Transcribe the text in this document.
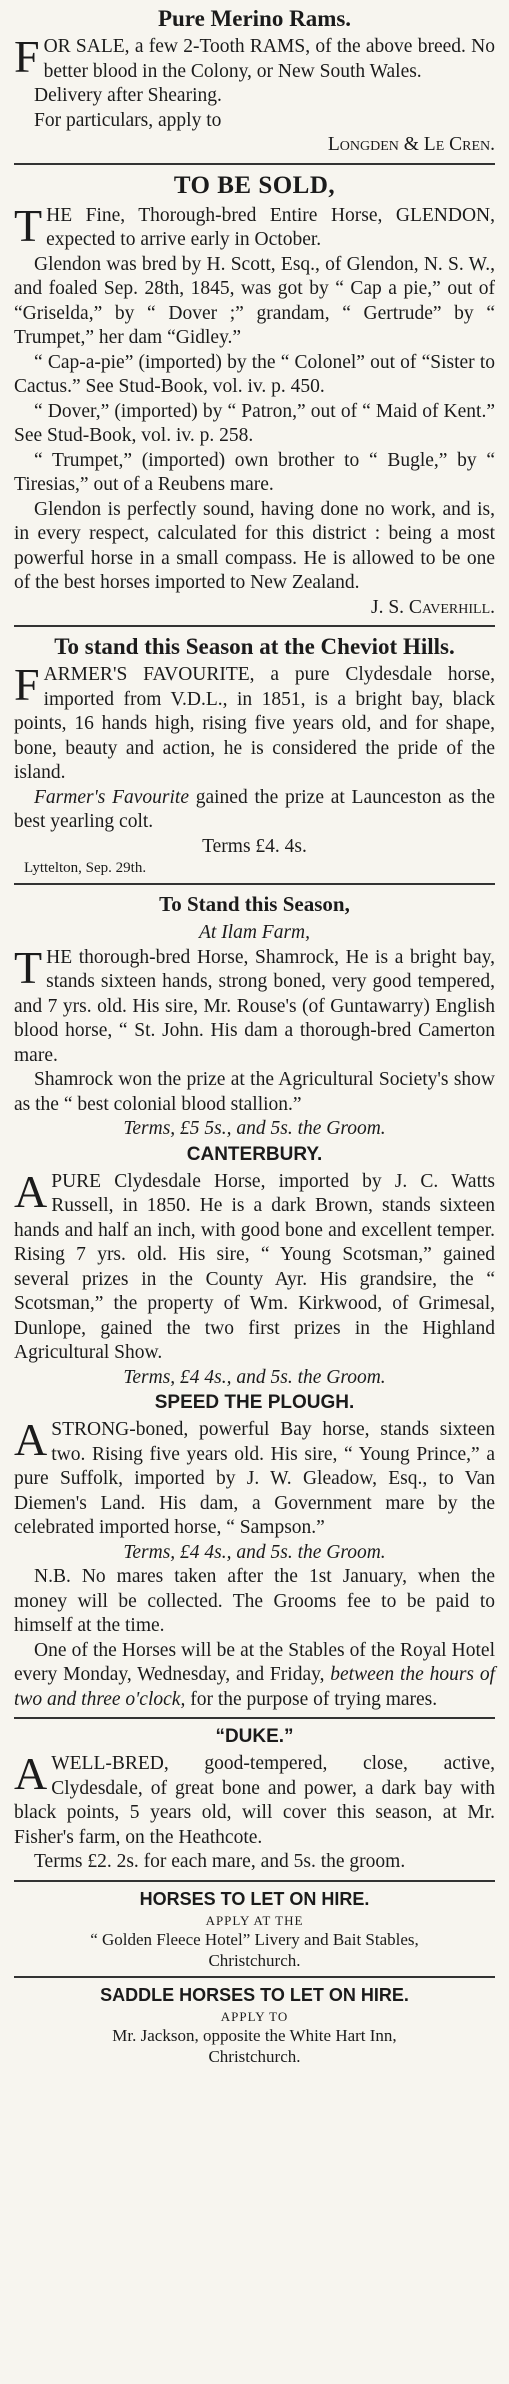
Pure Merino Rams.

FOR SALE, a few 2-Tooth RAMS, of the above breed. No better blood in the Colony, or New South Wales.

Delivery after Shearing.

For particulars, apply to

Longden & Le Cren.

TO BE SOLD,

THE Fine, Thorough-bred Entire Horse, GLENDON, expected to arrive early in October.

Glendon was bred by H. Scott, Esq., of Glendon, N. S. W., and foaled Sep. 28th, 1845, was got by “ Cap a pie,” out of “Griselda,” by “ Dover ;” grandam, “ Gertrude” by “ Trumpet,” her dam “Gidley.”

“ Cap-a-pie” (imported) by the “ Colonel” out of “Sister to Cactus.” See Stud-Book, vol. iv. p. 450.

“ Dover,” (imported) by “ Patron,” out of “ Maid of Kent.” See Stud-Book, vol. iv. p. 258.

“ Trumpet,” (imported) own brother to “ Bugle,” by “ Tiresias,” out of a Reubens mare.

Glendon is perfectly sound, having done no work, and is, in every respect, calculated for this district : being a most powerful horse in a small compass. He is allowed to be one of the best horses imported to New Zealand.

J. S. Caverhill.

To stand this Season at the Cheviot Hills.

FARMER'S FAVOURITE, a pure Clydesdale horse, imported from V.D.L., in 1851, is a bright bay, black points, 16 hands high, rising five years old, and for shape, bone, beauty and action, he is considered the pride of the island.

Farmer's Favourite gained the prize at Launceston as the best yearling colt.

Terms £4. 4s.

Lyttelton, Sep. 29th.

To Stand this Season,
At Ilam Farm,

THE thorough-bred Horse, Shamrock, He is a bright bay, stands sixteen hands, strong boned, very good tempered, and 7 yrs. old. His sire, Mr. Rouse's (of Guntawarry) English blood horse, “ St. John. His dam a thorough-bred Camerton mare.

Shamrock won the prize at the Agricultural Society's show as the “ best colonial blood stallion.”

Terms, £5 5s., and 5s. the Groom.

CANTERBURY.

APURE Clydesdale Horse, imported by J. C. Watts Russell, in 1850. He is a dark Brown, stands sixteen hands and half an inch, with good bone and excellent temper. Rising 7 yrs. old. His sire, “ Young Scotsman,” gained several prizes in the County Ayr. His grandsire, the “ Scotsman,” the property of Wm. Kirkwood, of Grimesal, Dunlope, gained the two first prizes in the Highland Agricultural Show.

Terms, £4 4s., and 5s. the Groom.

SPEED THE PLOUGH.

ASTRONG-boned, powerful Bay horse, stands sixteen two. Rising five years old. His sire, “ Young Prince,” a pure Suffolk, imported by J. W. Gleadow, Esq., to Van Diemen's Land. His dam, a Government mare by the celebrated imported horse, “ Sampson.”

Terms, £4 4s., and 5s. the Groom.

N.B. No mares taken after the 1st January, when the money will be collected. The Grooms fee to be paid to himself at the time.

One of the Horses will be at the Stables of the Royal Hotel every Monday, Wednesday, and Friday, between the hours of two and three o'clock, for the purpose of trying mares.

“DUKE.”

AWELL-BRED, good-tempered, close, active, Clydesdale, of great bone and power, a dark bay with black points, 5 years old, will cover this season, at Mr. Fisher's farm, on the Heathcote.

Terms £2. 2s. for each mare, and 5s. the groom.

HORSES TO LET ON HIRE.
APPLY AT THE
“ Golden Fleece Hotel” Livery and Bait Stables,
Christchurch.
SADDLE HORSES TO LET ON HIRE.
APPLY TO
Mr. Jackson, opposite the White Hart Inn,
Christchurch.
